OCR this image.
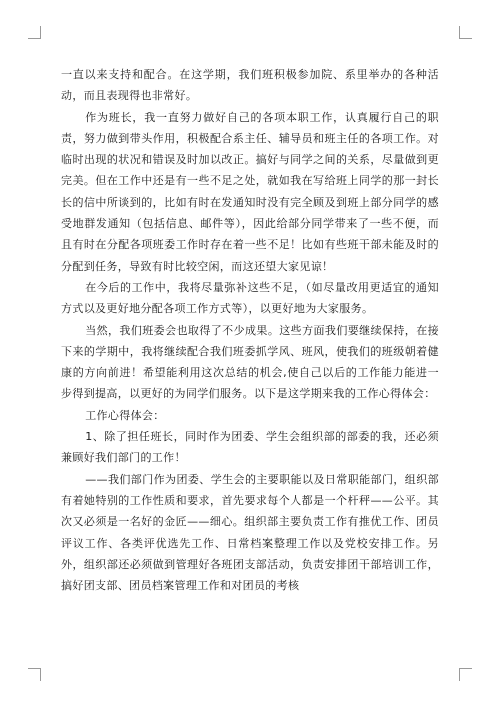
一直以来支持和配合。在这学期，我们班积极参加院、系里举办的各种活动，而且表现得也非常好。

作为班长，我一直努力做好自己的各项本职工作，认真履行自己的职责，努力做到带头作用，积极配合系主任、辅导员和班主任的各项工作。对临时出现的状况和错误及时加以改正。搞好与同学之间的关系，尽量做到更完美。但在工作中还是有一些不足之处，就如我在写给班上同学的那一封长长的信中所谈到的，比如有时在发通知时没有完全顾及到班上部分同学的感受地群发通知（包括信息、邮件等），因此给部分同学带来了一些不便，而且有时在分配各项班委工作时存在着一些不足！比如有些班干部未能及时的分配到任务，导致有时比较空闲，而这还望大家见谅！

在今后的工作中，我将尽量弥补这些不足，（如尽量改用更适宜的通知方式以及更好地分配各项工作方式等），以更好地为大家服务。

当然，我们班委会也取得了不少成果。这些方面我们要继续保持，在接下来的学期中，我将继续配合我们班委抓学风、班风，使我们的班级朝着健康的方向前进！希望能利用这次总结的机会,使自己以后的工作能力能进一步得到提高，以更好的为同学们服务。以下是这学期来我的工作心得体会：

工作心得体会：

1、除了担任班长，同时作为团委、学生会组织部的部委的我，还必须兼顾好我们部门的工作！

——我们部门作为团委、学生会的主要职能以及日常职能部门，组织部有着她特别的工作性质和要求，首先要求每个人都是一个杆秤——公平。其次又必须是一名好的金匠——细心。组织部主要负责工作有推优工作、团员评议工作、各类评优选先工作、日常档案整理工作以及党校安排工作。另外，组织部还必须做到管理好各班团支部活动，负责安排团干部培训工作，搞好团支部、团员档案管理工作和对团员的考核
